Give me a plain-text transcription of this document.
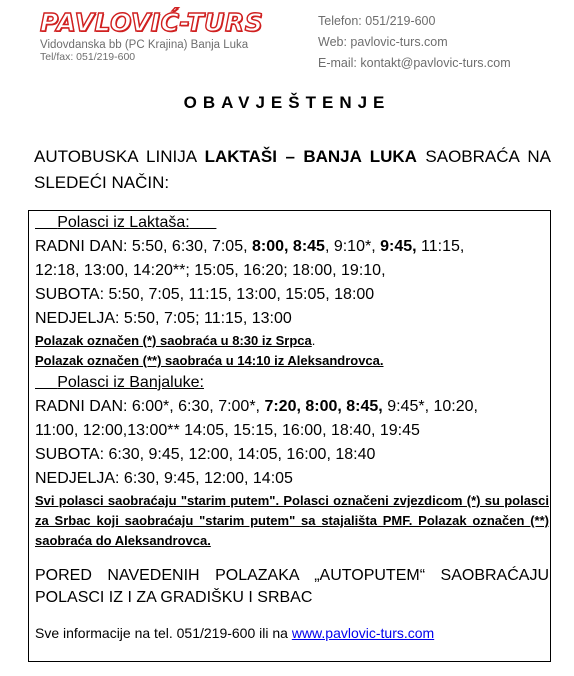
PAVLOVIĆ-TURS
Vidovdanska bb (PC Krajina) Banja Luka
Tel/fax: 051/219-600
Telefon: 051/219-600
Web: pavlovic-turs.com
E-mail: kontakt@pavlovic-turs.com
OBAVJEŠTENJE
AUTOBUSKA LINIJA LAKTAŠI – BANJA LUKA SAOBRAĆA NA SLEDEĆI NAČIN:
Polasci iz Laktaša:
RADNI DAN: 5:50, 6:30, 7:05, 8:00, 8:45, 9:10*, 9:45, 11:15,
12:18, 13:00, 14:20**; 15:05, 16:20; 18:00, 19:10,
SUBOTA: 5:50, 7:05, 11:15, 13:00, 15:05, 18:00
NEDJELJA: 5:50, 7:05; 11:15, 13:00
Polazak označen (*) saobraća u 8:30 iz Srpca.
Polazak označen (**) saobraća u 14:10 iz Aleksandrovca.
Polasci iz Banjaluke:
RADNI DAN: 6:00*, 6:30, 7:00*, 7:20, 8:00, 8:45, 9:45*, 10:20,
11:00, 12:00,13:00** 14:05, 15:15, 16:00, 18:40, 19:45
SUBOTA: 6:30, 9:45, 12:00, 14:05, 16:00, 18:40
NEDJELJA: 6:30, 9:45, 12:00, 14:05
Svi polasci saobraćaju "starim putem". Polasci označeni zvjezdicom (*) su polasci za Srbac koji saobraćaju "starim putem" sa stajališta PMF. Polazak označen (**) saobraća do Aleksandrovca.
PORED NAVEDENIH POLAZAKA „AUTOPUTEM“ SAOBRAĆAJU POLASCI IZ I ZA GRADIŠKU I SRBAC
Sve informacije na tel. 051/219-600 ili na www.pavlovic-turs.com
